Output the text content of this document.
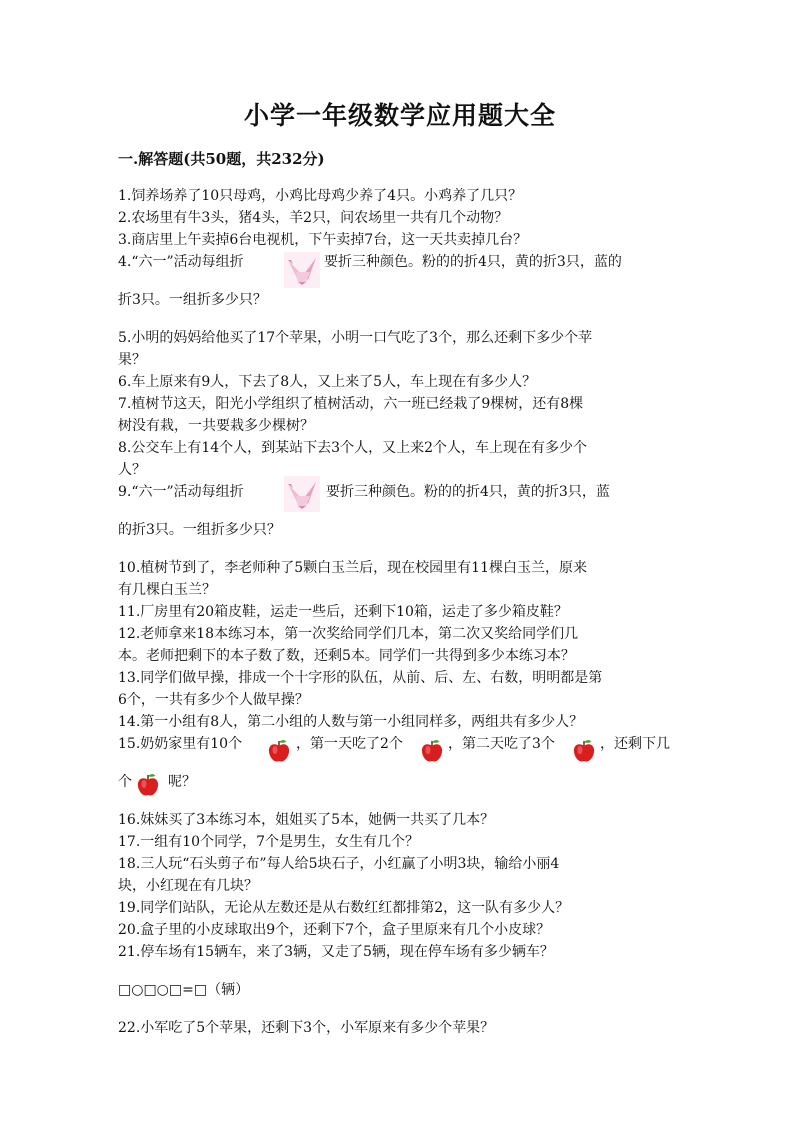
小学一年级数学应用题大全
一.解答题(共50题，共232分)
1.饲养场养了10只母鸡，小鸡比母鸡少养了4只。小鸡养了几只？
2.农场里有牛3头，猪4头，羊2只，问农场里一共有几个动物？
3.商店里上午卖掉6台电视机，下午卖掉7台，这一天共卖掉几台？
4.“六一”活动每组折	要折三种颜色。粉的的折4只，黄的折3只，蓝的
折3只。一组折多少只？
5.小明的妈妈给他买了17个苹果，小明一口气吃了3个，那么还剩下多少个苹
果？
6.车上原来有9人，下去了8人，又上来了5人，车上现在有多少人？
7.植树节这天，阳光小学组织了植树活动，六一班已经栽了9棵树，还有8棵
树没有栽，一共要栽多少棵树？
8.公交车上有14个人，到某站下去3个人，又上来2个人，车上现在有多少个
人？
9.“六一”活动每组折	要折三种颜色。粉的的折4只，黄的折3只，蓝
的折3只。一组折多少只？
10.植树节到了，李老师种了5颗白玉兰后，现在校园里有11棵白玉兰，原来
有几棵白玉兰？
11.厂房里有20箱皮鞋，运走一些后，还剩下10箱，运走了多少箱皮鞋？
12.老师拿来18本练习本，第一次奖给同学们几本，第二次又奖给同学们几
本。老师把剩下的本子数了数，还剩5本。同学们一共得到多少本练习本？
13.同学们做早操，排成一个十字形的队伍，从前、后、左、右数，明明都是第
6个，一共有多少个人做早操？
14.第一小组有8人，第二小组的人数与第一小组同样多，两组共有多少人？
15.奶奶家里有10个	，第一天吃了2个	，第二天吃了3个	，还剩下几
个	呢？
16.妹妹买了3本练习本，姐姐买了5本，她俩一共买了几本？
17.一组有10个同学，7个是男生，女生有几个？
18.三人玩“石头剪子布”每人给5块石子，小红赢了小明3块，输给小丽4
块，小红现在有几块？
19.同学们站队，无论从左数还是从右数红红都排第2，这一队有多少人？
20.盒子里的小皮球取出9个，还剩下7个，盒子里原来有几个小皮球？
21.停车场有15辆车，来了3辆，又走了5辆，现在停车场有多少辆车？
□○□○□=□（辆）
22.小军吃了5个苹果，还剩下3个，小军原来有多少个苹果？
